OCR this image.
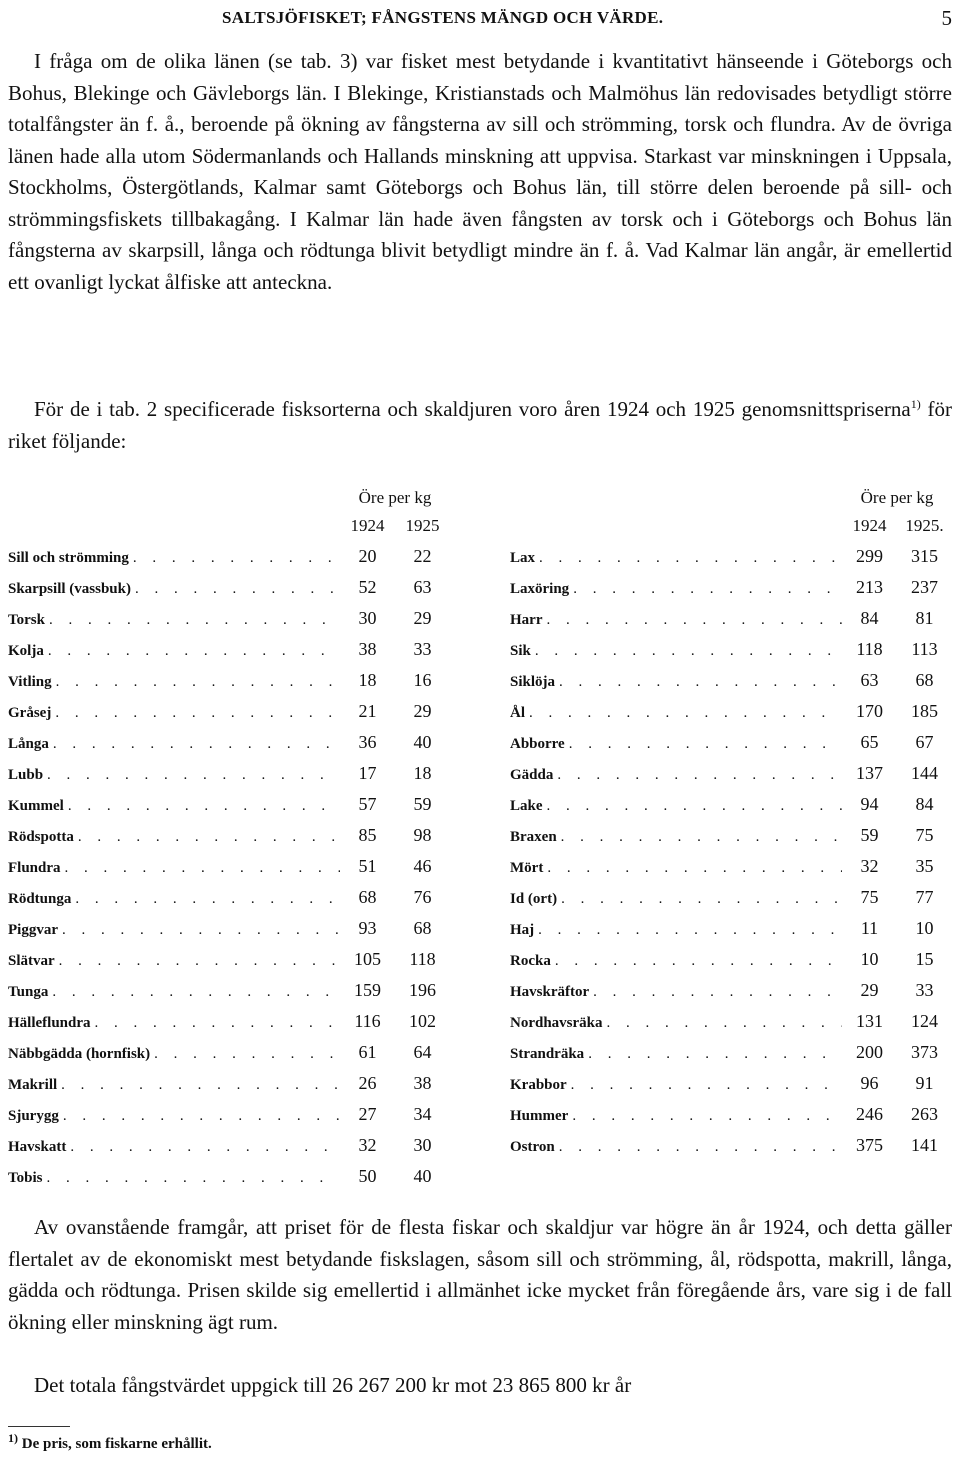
SALTSJÖFISKET; FÅNGSTENS MÄNGD OCH VÄRDE.	5

I fråga om de olika länen (se tab. 3) var fisket mest betydande i kvantitativt hänseende i Göteborgs och Bohus, Blekinge och Gävleborgs län. I Blekinge, Kristianstads och Malmöhus län redovisades betydligt större totalfångster än f. å., beroende på ökning av fångsterna av sill och strömming, torsk och flundra. Av de övriga länen hade alla utom Södermanlands och Hallands minskning att uppvisa. Starkast var minskningen i Uppsala, Stockholms, Östergötlands, Kalmar samt Göteborgs och Bohus län, till större delen beroende på sill- och strömmingsfiskets tillbakagång. I Kalmar län hade även fångsten av torsk och i Göteborgs och Bohus län fångsterna av skarpsill, långa och rödtunga blivit betydligt mindre än f. å. Vad Kalmar län angår, är emellertid ett ovanligt lyckat ålfiske att anteckna.

För de i tab. 2 specificerade fisksorterna och skaldjuren voro åren 1924 och 1925 genomsnittspriserna$^{1)}$ för riket följande:

Öre per kg
1924	1925
Sill och strömming . . .	20	22
Skarpsill (vassbuk) . . .	52	63
Torsk . . .	30	29
Kolja . . .	38	33
Vitling . . .	18	16
Gråsej . . .	21	29
Långa . . .	36	40
Lubb . . .	17	18
Kummel . . .	57	59
Rödspotta . . .	85	98
Flundra . . .	51	46
Rödtunga . . .	68	76
Piggvar . . .	93	68
Slätvar . . .	105	118
Tunga . . .	159	196
Hälleflundra . . .	116	102
Näbbgädda (hornfisk) . . .	61	64
Makrill . . .	26	38
Sjurygg . . .	27	34
Havskatt . . .	32	30
Tobis . . .	50	40
Öre per kg
1924	1925.
Lax . . .	299	315
Laxöring . . .	213	237
Harr . . .	84	81
Sik . . .	118	113
Siklöja . . .	63	68
Ål . . .	170	185
Abborre . . .	65	67
Gädda . . .	137	144
Lake . . .	94	84
Braxen . . .	59	75
Mört . . .	32	35
Id (ort) . . .	75	77
Haj . . .	11	10
Rocka . . .	10	15
Havskräftor . . .	29	33
Nordhavsräka . . .	131	124
Strandräka . . .	200	373
Krabbor . . .	96	91
Hummer . . .	246	263
Ostron . . .	375	141

Av ovanstående framgår, att priset för de flesta fiskar och skaldjur var högre än år 1924, och detta gäller flertalet av de ekonomiskt mest betydande fiskslagen, såsom sill och strömming, ål, rödspotta, makrill, långa, gädda och rödtunga. Prisen skilde sig emellertid i allmänhet icke mycket från föregående års, vare sig i de fall ökning eller minskning ägt rum.

Det totala fångstvärdet uppgick till 26 267 200 kr mot 23 865 800 kr år

$^{1)}$ De pris, som fiskarne erhållit.
